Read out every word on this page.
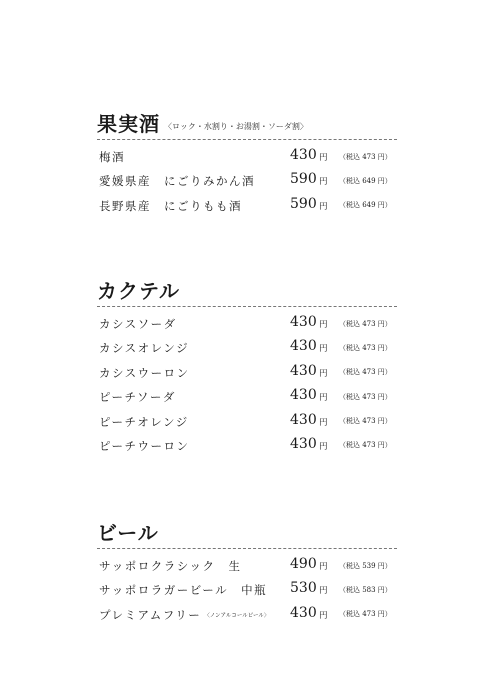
果実酒 〈ロック・水割り・お湯割・ソーダ割〉
梅酒	430 円 （税込 473 円）
愛媛県産　にごりみかん酒	590 円 （税込 649 円）
長野県産　にごりもも酒	590 円 （税込 649 円）
カクテル
カシスソーダ	430 円 （税込 473 円）
カシスオレンジ	430 円 （税込 473 円）
カシスウーロン	430 円 （税込 473 円）
ピーチソーダ	430 円 （税込 473 円）
ピーチオレンジ	430 円 （税込 473 円）
ピーチウーロン	430 円 （税込 473 円）
ビール
サッポロクラシック　生	490 円 （税込 539 円）
サッポロラガービール　中瓶 530 円 （税込 583 円）
プレミアムフリー 〈ノンアルコールビール〉 430 円 （税込 473 円）
